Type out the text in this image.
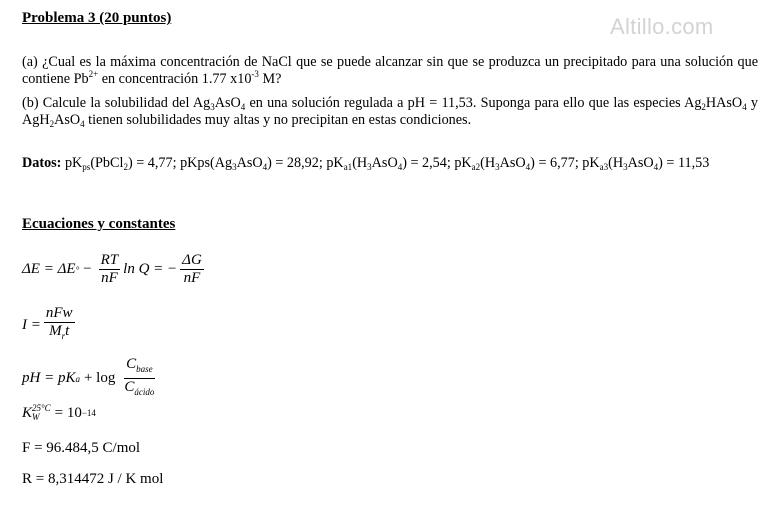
Problema 3 (20 puntos)	Altillo.com
(a) ¿Cual es la máxima concentración de NaCl que se puede alcanzar sin que se produzca un precipitado para una solución que contiene $Pb^{2+}$ en concentración 1.77 $x10^{-3}$ M?
(b) Calcule la solubilidad del $Ag_3AsO_4$ en una solución regulada a pH = 11,53. Suponga para ello que las especies $Ag_2HAsO_4$ y AgH$_2$AsO$_4$ tienen solubilidades muy altas y no precipitan en estas condiciones.
Datos: $pK_{ps}(PbCl_2) = 4,77$; $pKps(Ag_3AsO_4) = 28,92$; $pK_{a1}(H_3AsO_4) = 2,54$; $pK_{a2}(H_3AsO_4) = 6,77$; $pK_{a3}(H_3AsO_4) = 11,53$
Ecuaciones y constantes
ΔE = ΔE ° − $\frac{RT}{nF}$ ln Q = − $\frac{\Delta G}{nF}$
$I = \frac{\text{nFw}}{M_rt}$
pH = pK $a + \log \frac{C_{base}}{C_{ácido}}$
K 25°C
W	= 10 −14
F = 96.484,5 C/mol
R = 8,314472 J / K mol
